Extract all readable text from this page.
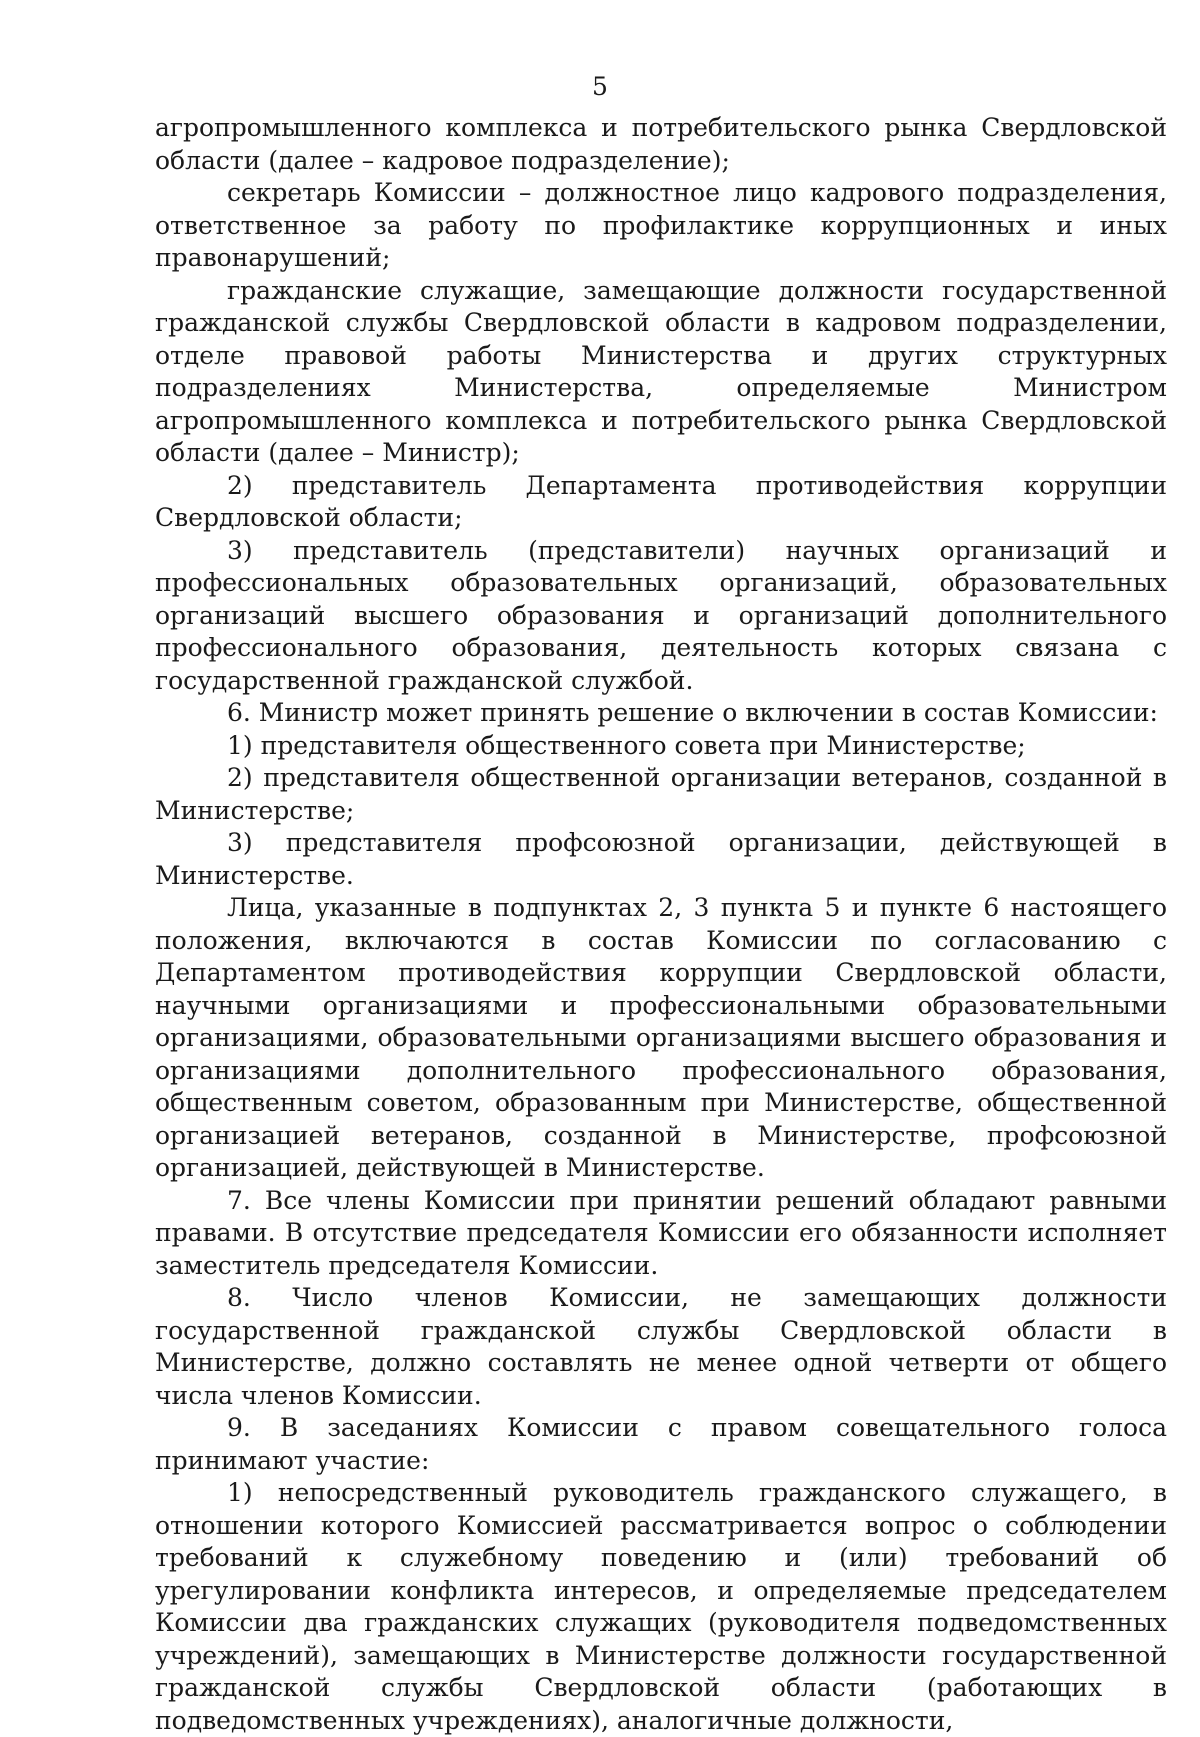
5

агропромышленного комплекса и потребительского рынка Свердловской области (далее – кадровое подразделение);

секретарь Комиссии – должностное лицо кадрового подразделения, ответственное за работу по профилактике коррупционных и иных правонарушений;

гражданские служащие, замещающие должности государственной гражданской службы Свердловской области в кадровом подразделении, отделе правовой работы Министерства и других структурных подразделениях Министерства, определяемые Министром агропромышленного комплекса и потребительского рынка Свердловской области (далее – Министр);

2) представитель Департамента противодействия коррупции Свердловской области;

3) представитель (представители) научных организаций и профессиональных образовательных организаций, образовательных организаций высшего образования и организаций дополнительного профессионального образования, деятельность которых связана с государственной гражданской службой.

6. Министр может принять решение о включении в состав Комиссии:

1) представителя общественного совета при Министерстве;

2) представителя общественной организации ветеранов, созданной в Министерстве;

3) представителя профсоюзной организации, действующей в Министерстве.

Лица, указанные в подпунктах 2, 3 пункта 5 и пункте 6 настоящего положения, включаются в состав Комиссии по согласованию с Департаментом противодействия коррупции Свердловской области, научными организациями и профессиональными образовательными организациями, образовательными организациями высшего образования и организациями дополнительного профессионального образования, общественным советом, образованным при Министерстве, общественной организацией ветеранов, созданной в Министерстве, профсоюзной организацией, действующей в Министерстве.

7. Все члены Комиссии при принятии решений обладают равными правами. В отсутствие председателя Комиссии его обязанности исполняет заместитель председателя Комиссии.

8. Число членов Комиссии, не замещающих должности государственной гражданской службы Свердловской области в Министерстве, должно составлять не менее одной четверти от общего числа членов Комиссии.

9. В заседаниях Комиссии с правом совещательного голоса принимают участие:

1) непосредственный руководитель гражданского служащего, в отношении которого Комиссией рассматривается вопрос о соблюдении требований к служебному поведению и (или) требований об урегулировании конфликта интересов, и определяемые председателем Комиссии два гражданских служащих (руководителя подведомственных учреждений), замещающих в Министерстве должности государственной гражданской службы Свердловской области (работающих в подведомственных учреждениях), аналогичные должности,
